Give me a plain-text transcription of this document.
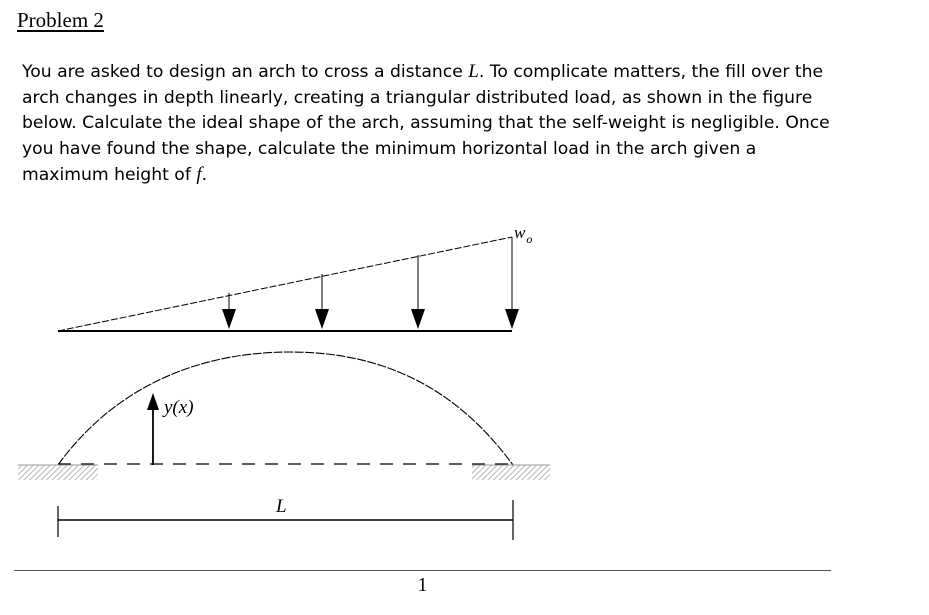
Problem 2

You are asked to design an arch to cross a distance L. To complicate matters, the fill over the arch changes in depth linearly, creating a triangular distributed load, as shown in the figure below. Calculate the ideal shape of the arch, assuming that the self-weight is negligible. Once you have found the shape, calculate the minimum horizontal load in the arch given a maximum height of f.

$w_o$
y(x)
L
1
